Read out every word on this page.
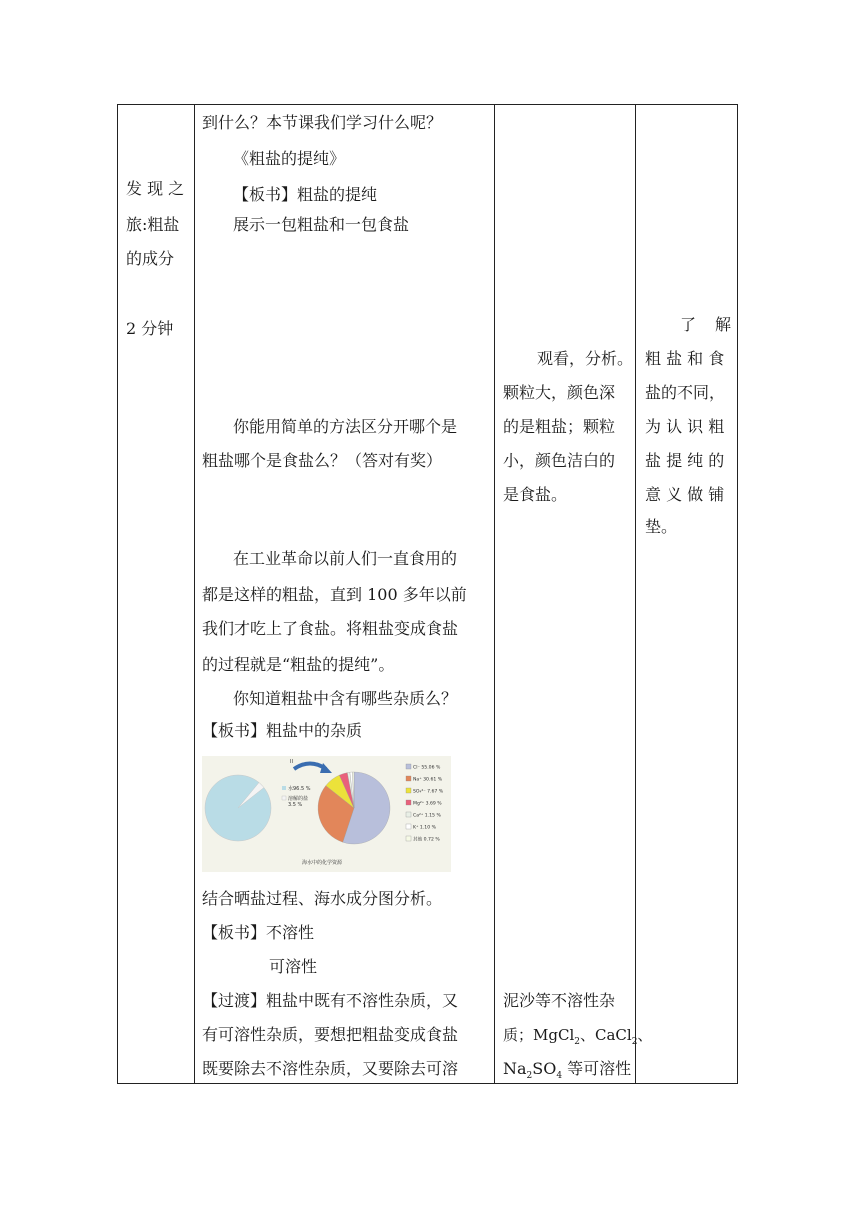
发 现 之
旅:粗盐
的成分
2 分钟
到什么？本节课我们学习什么呢？
《粗盐的提纯》
【板书】粗盐的提纯
展示一包粗盐和一包食盐
你能用简单的方法区分开哪个是
粗盐哪个是食盐么？（答对有奖）
在工业革命以前人们一直食用的
都是这样的粗盐，直到 100 多年以前
我们才吃上了食盐。将粗盐变成食盐
的过程就是“粗盐的提纯”。
你知道粗盐中含有哪些杂质么？
【板书】粗盐中的杂质
水96.5 %
溶解的盐
3.5 %
II
Cl⁻ 55.06 %
Na⁺ 30.61 %
SO₄²⁻ 7.67 %
Mg²⁺ 3.69 %
Ca²⁺ 1.15 %
K⁺ 1.10 %
其他 0.72 %
海水中的化学资源
结合晒盐过程、海水成分图分析。
【板书】不溶性
可溶性
【过渡】粗盐中既有不溶性杂质，又
有可溶性杂质，要想把粗盐变成食盐
既要除去不溶性杂质，又要除去可溶
观看，分析。
颗粒大，颜色深
的是粗盐；颗粒
小，颜色洁白的
是食盐。
泥沙等不溶性杂
质；MgCl$_2$、CaCl$_2$、
$Na_2SO_4$ 等可溶性
了 解
粗 盐 和 食
盐的不同，
为 认 识 粗
盐 提 纯 的
意 义 做 铺
垫。
